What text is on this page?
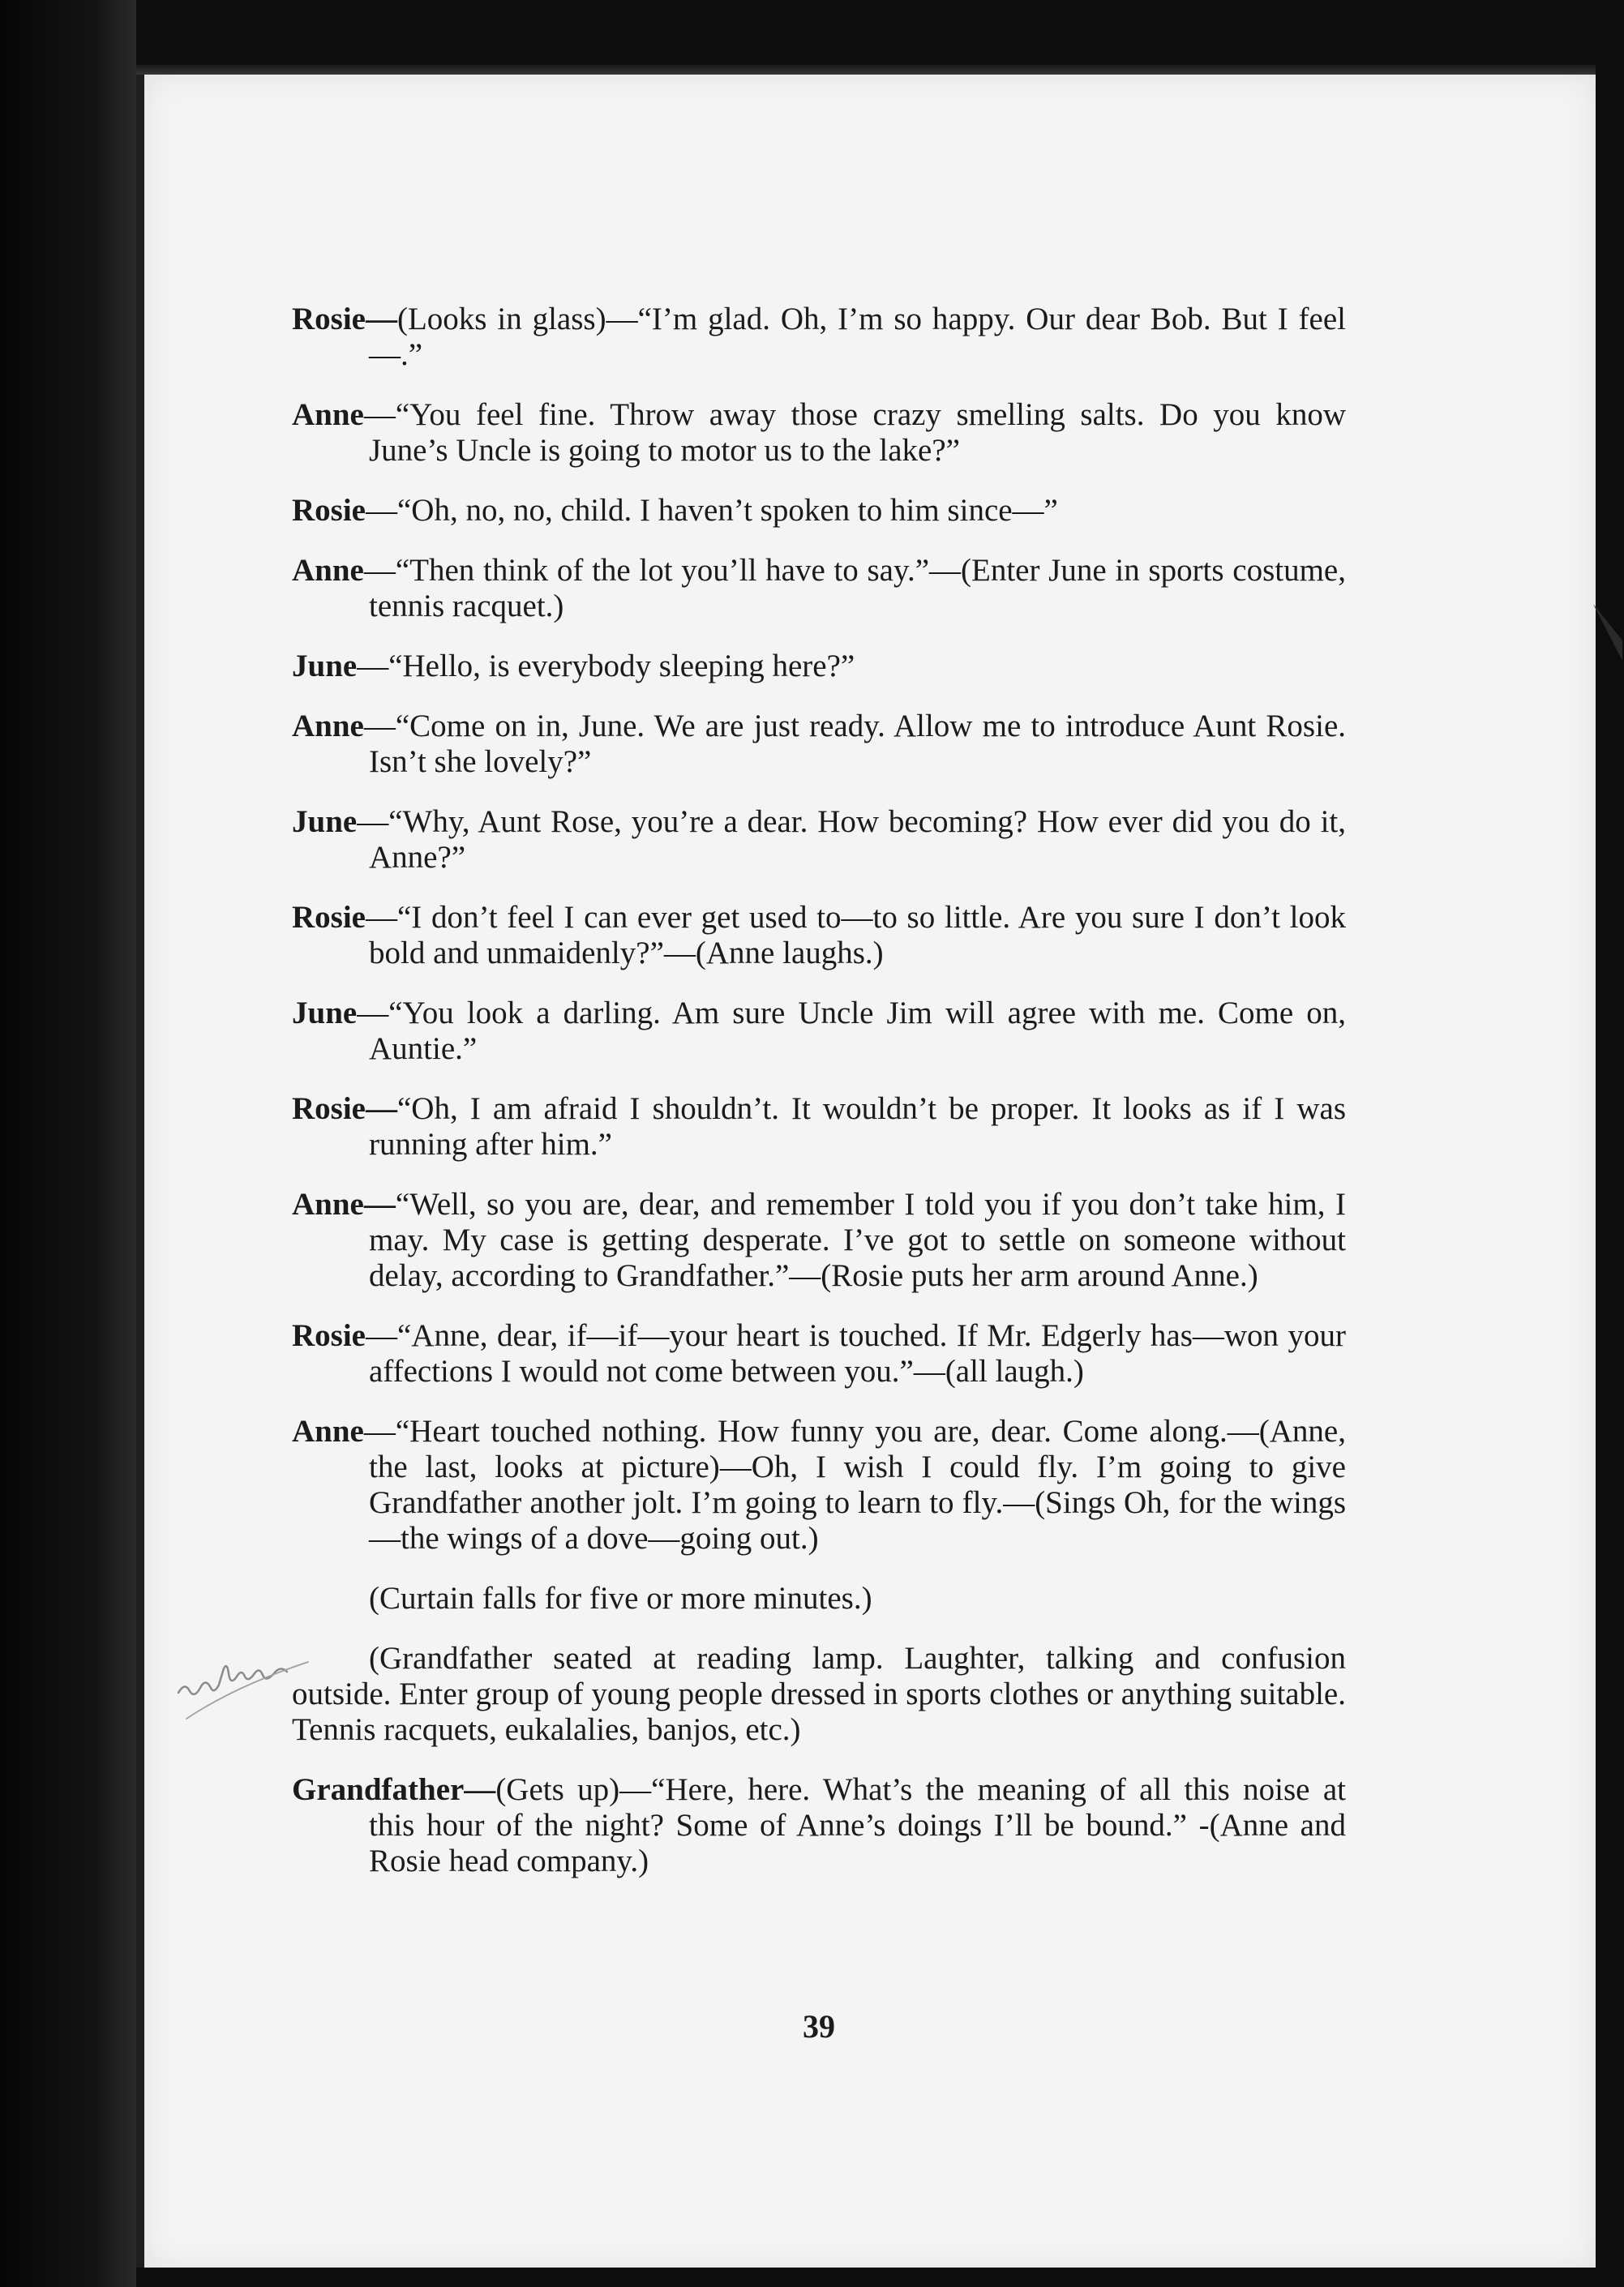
Rosie—(Looks in glass)—“I’m glad. Oh, I’m so happy. Our dear Bob. But I feel—.”

Anne—“You feel fine. Throw away those crazy smelling salts. Do you know June’s Uncle is going to motor us to the lake?”

Rosie—“Oh, no, no, child. I haven’t spoken to him since—”

Anne—“Then think of the lot you’ll have to say.”—(Enter June in sports costume, tennis racquet.)

June—“Hello, is everybody sleeping here?”

Anne—“Come on in, June. We are just ready. Allow me to introduce Aunt Rosie. Isn’t she lovely?”

June—“Why, Aunt Rose, you’re a dear. How becoming? How ever did you do it, Anne?”

Rosie—“I don’t feel I can ever get used to—to so little. Are you sure I don’t look bold and unmaidenly?”—(Anne laughs.)

June—“You look a darling. Am sure Uncle Jim will agree with me. Come on, Auntie.”

Rosie—“Oh, I am afraid I shouldn’t. It wouldn’t be proper. It looks as if I was running after him.”

Anne—“Well, so you are, dear, and remember I told you if you don’t take him, I may. My case is getting desperate. I’ve got to settle on someone without delay, according to Grandfather.”—(Rosie puts her arm around Anne.)

Rosie—“Anne, dear, if—if—your heart is touched. If Mr. Edgerly has—won your affections I would not come between you.”—(all laugh.)

Anne—“Heart touched nothing. How funny you are, dear. Come along.—(Anne, the last, looks at picture)—Oh, I wish I could fly. I’m going to give Grandfather another jolt. I’m going to learn to fly.—(Sings Oh, for the wings—the wings of a dove—going out.)

(Curtain falls for five or more minutes.)

(Grandfather seated at reading lamp. Laughter, talking and confusion outside. Enter group of young people dressed in sports clothes or anything suitable. Tennis racquets, eukalalies, banjos, etc.)

Grandfather—(Gets up)—“Here, here. What’s the meaning of all this noise at this hour of the night? Some of Anne’s doings I’ll be bound.” -(Anne and Rosie head company.)

39
